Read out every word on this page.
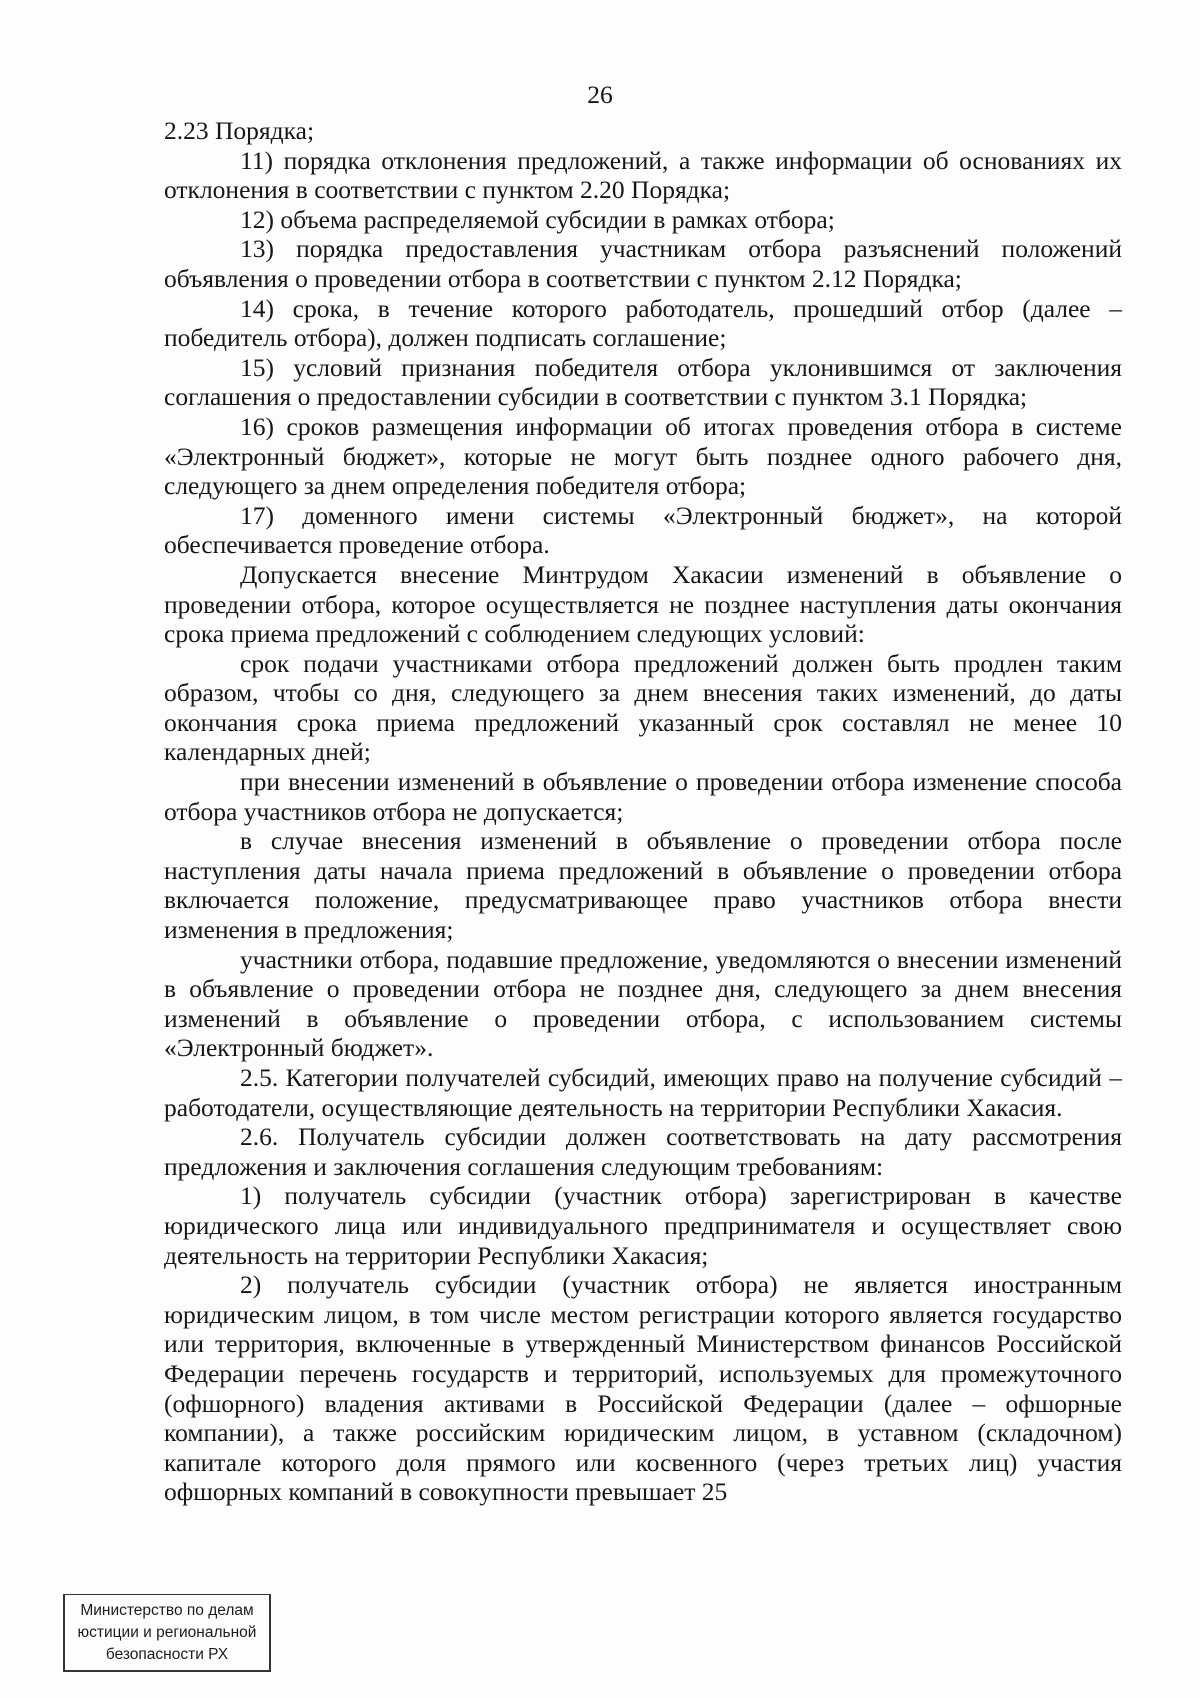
26

2.23 Порядка;

11) порядка отклонения предложений, а также информации об основаниях их отклонения в соответствии с пунктом 2.20 Порядка;

12) объема распределяемой субсидии в рамках отбора;

13) порядка предоставления участникам отбора разъяснений положений объявления о проведении отбора в соответствии с пунктом 2.12 Порядка;

14) срока, в течение которого работодатель, прошедший отбор (далее – победитель отбора), должен подписать соглашение;

15) условий признания победителя отбора уклонившимся от заключения соглашения о предоставлении субсидии в соответствии с пунктом 3.1 Порядка;

16) сроков размещения информации об итогах проведения отбора в системе «Электронный бюджет», которые не могут быть позднее одного рабочего дня, следующего за днем определения победителя отбора;

17) доменного имени системы «Электронный бюджет», на которой обеспечивается проведение отбора.

Допускается внесение Минтрудом Хакасии изменений в объявление о проведении отбора, которое осуществляется не позднее наступления даты окончания срока приема предложений с соблюдением следующих условий:

срок подачи участниками отбора предложений должен быть продлен таким образом, чтобы со дня, следующего за днем внесения таких изменений, до даты окончания срока приема предложений указанный срок составлял не менее 10 календарных дней;

при внесении изменений в объявление о проведении отбора изменение способа отбора участников отбора не допускается;

в случае внесения изменений в объявление о проведении отбора после наступления даты начала приема предложений в объявление о проведении отбора включается положение, предусматривающее право участников отбора внести изменения в предложения;

участники отбора, подавшие предложение, уведомляются о внесении изменений в объявление о проведении отбора не позднее дня, следующего за днем внесения изменений в объявление о проведении отбора, с использованием системы «Электронный бюджет».

2.5. Категории получателей субсидий, имеющих право на получение субсидий – работодатели, осуществляющие деятельность на территории Республики Хакасия.

2.6. Получатель субсидии должен соответствовать на дату рассмотрения предложения и заключения соглашения следующим требованиям:

1) получатель субсидии (участник отбора) зарегистрирован в качестве юридического лица или индивидуального предпринимателя и осуществляет свою деятельность на территории Республики Хакасия;

2) получатель субсидии (участник отбора) не является иностранным юридическим лицом, в том числе местом регистрации которого является государство или территория, включенные в утвержденный Министерством финансов Российской Федерации перечень государств и территорий, используемых для промежуточного (офшорного) владения активами в Российской Федерации (далее – офшорные компании), а также российским юридическим лицом, в уставном (складочном) капитале которого доля прямого или косвенного (через третьих лиц) участия офшорных компаний в совокупности превышает 25

Министерство по делам
юстиции и региональной
безопасности РХ
